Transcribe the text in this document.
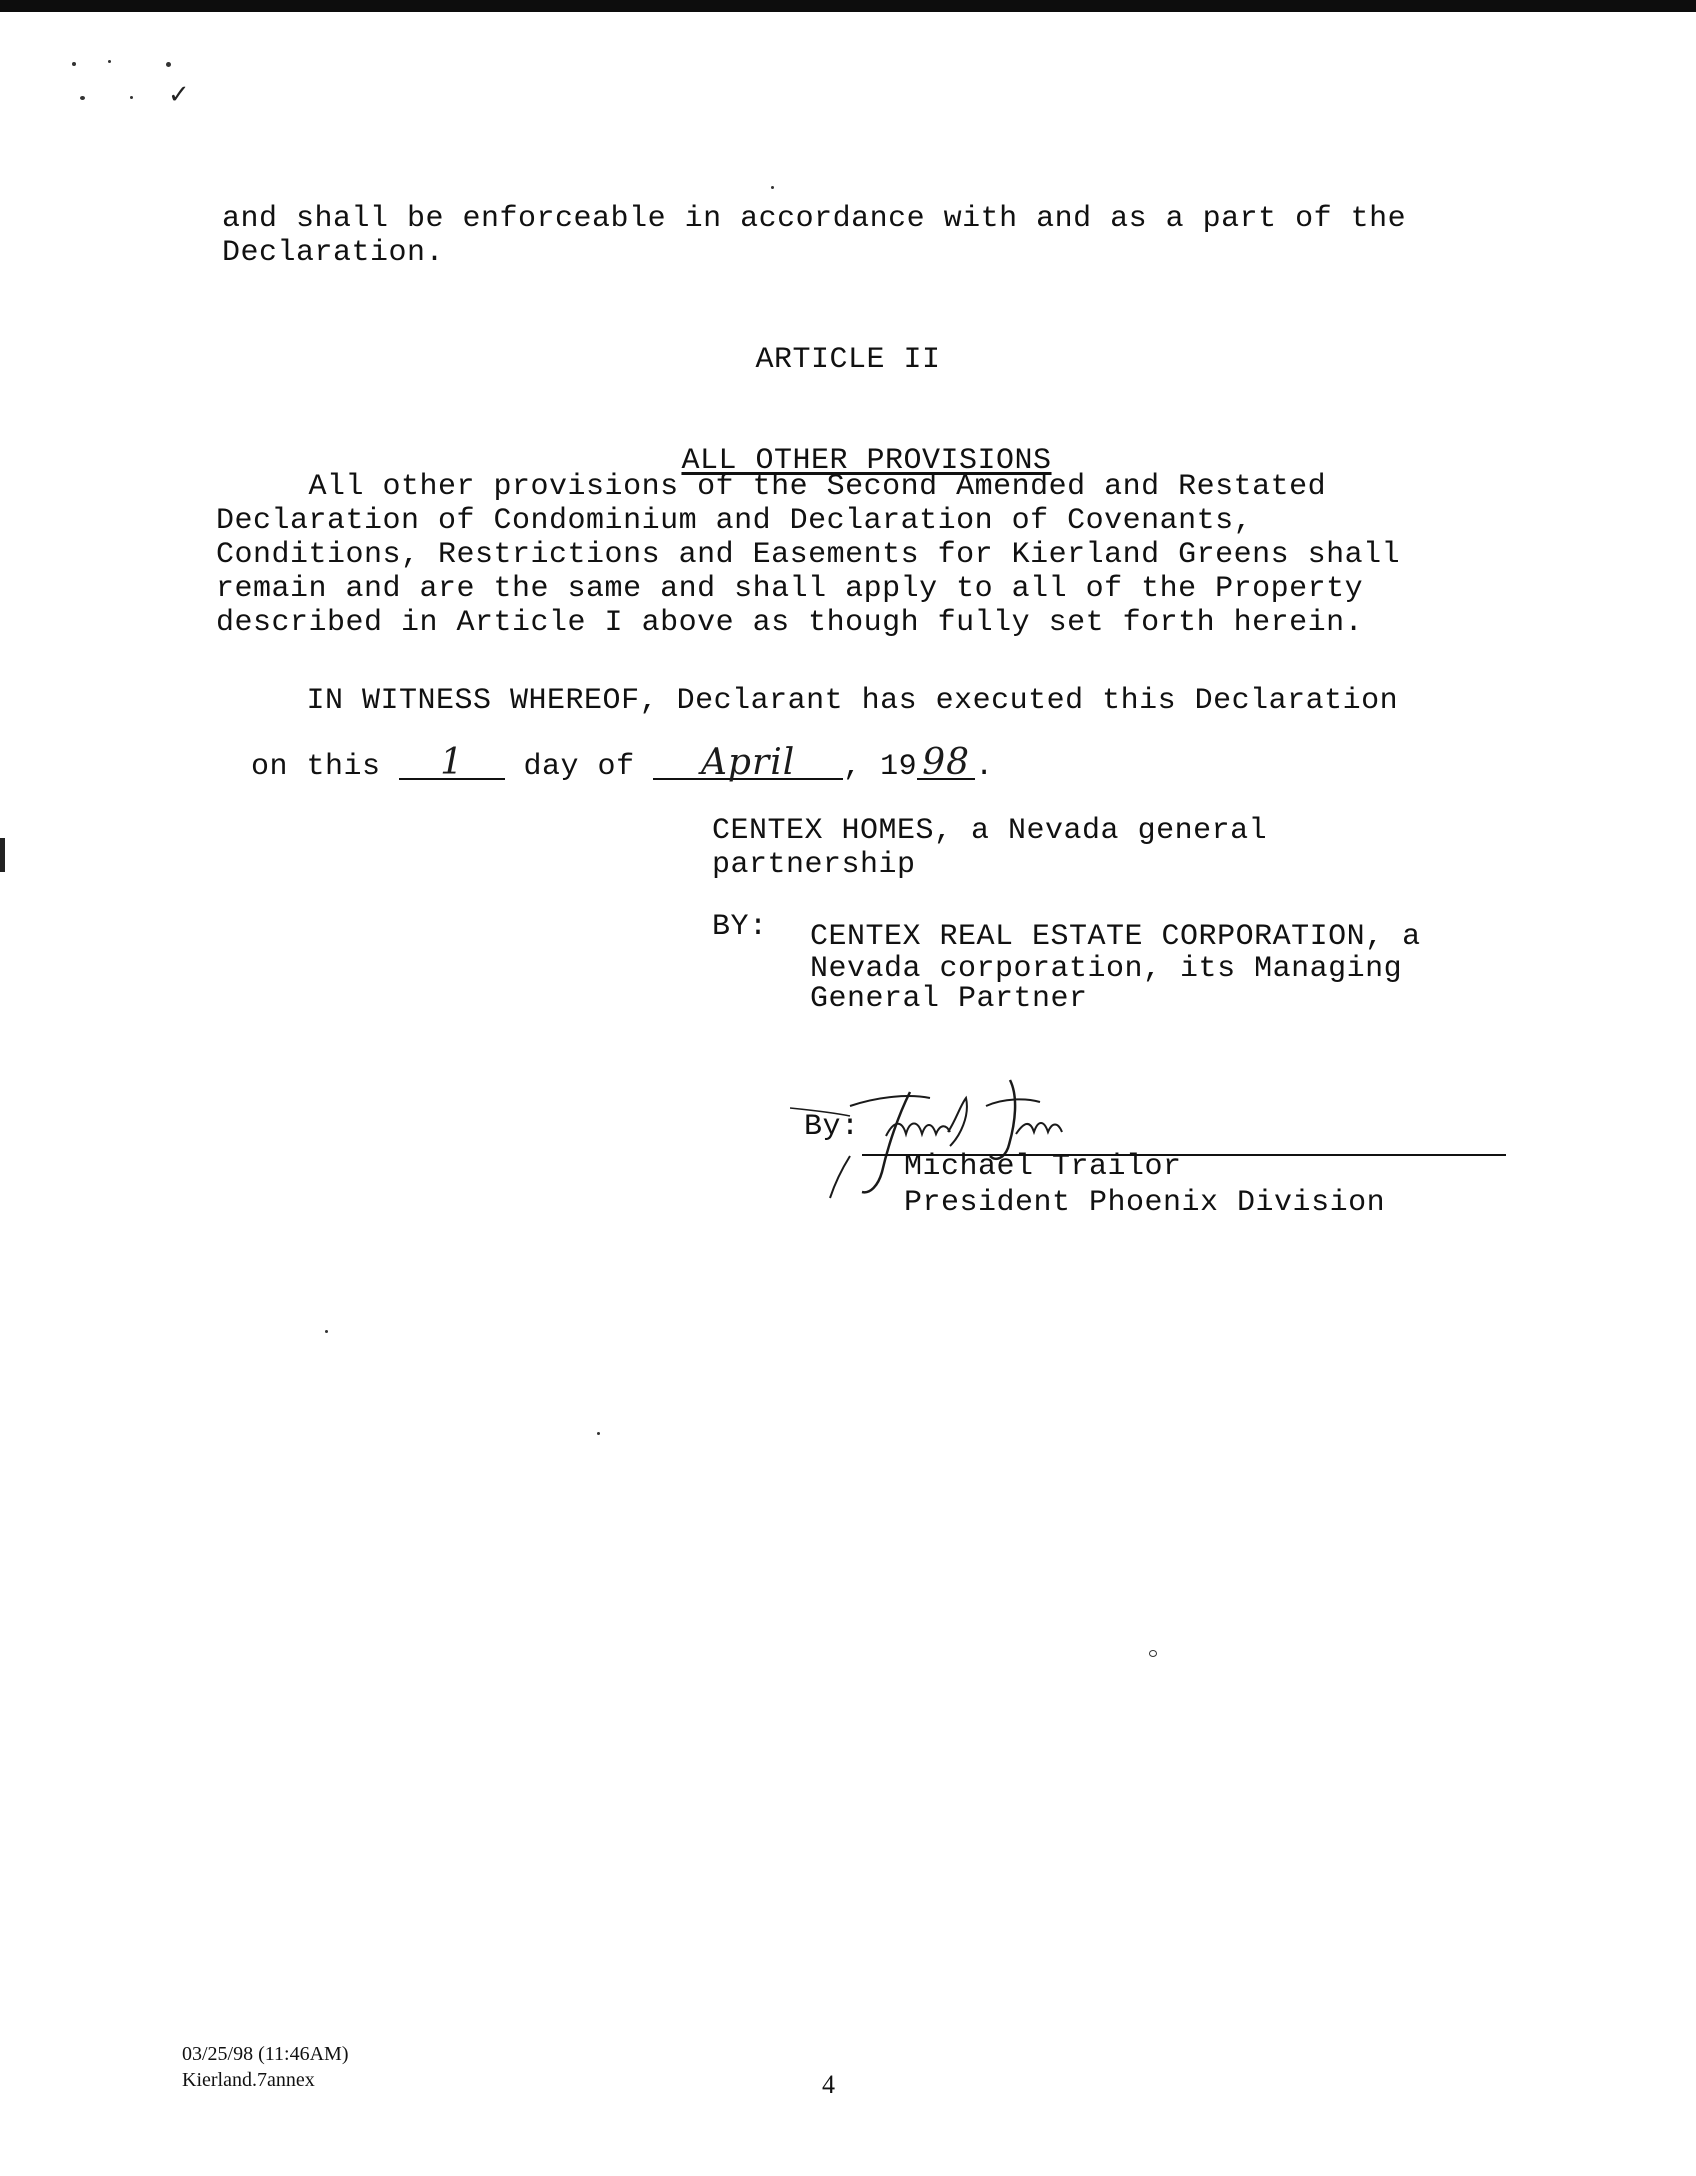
✓
and shall be enforceable in accordance with and as a part of the
Declaration.
ARTICLE II

ALL OTHER PROVISIONS

All other provisions of the Second Amended and Restated
Declaration of Condominium and Declaration of Covenants,
Conditions, Restrictions and Easements for Kierland Greens shall
remain and are the same and shall apply to all of the Property
described in Article I above as though fully set forth herein.
IN WITNESS WHEREOF, Declarant has executed this Declaration

on this 1 day of April , 19 98 .

CENTEX HOMES, a Nevada general
partnership
BY: CENTEX REAL ESTATE CORPORATION, a
Nevada corporation, its Managing
General Partner
By:
Michael Trailor
President Phoenix Division
03/25/98 (11:46AM)
Kierland.7annex	4
